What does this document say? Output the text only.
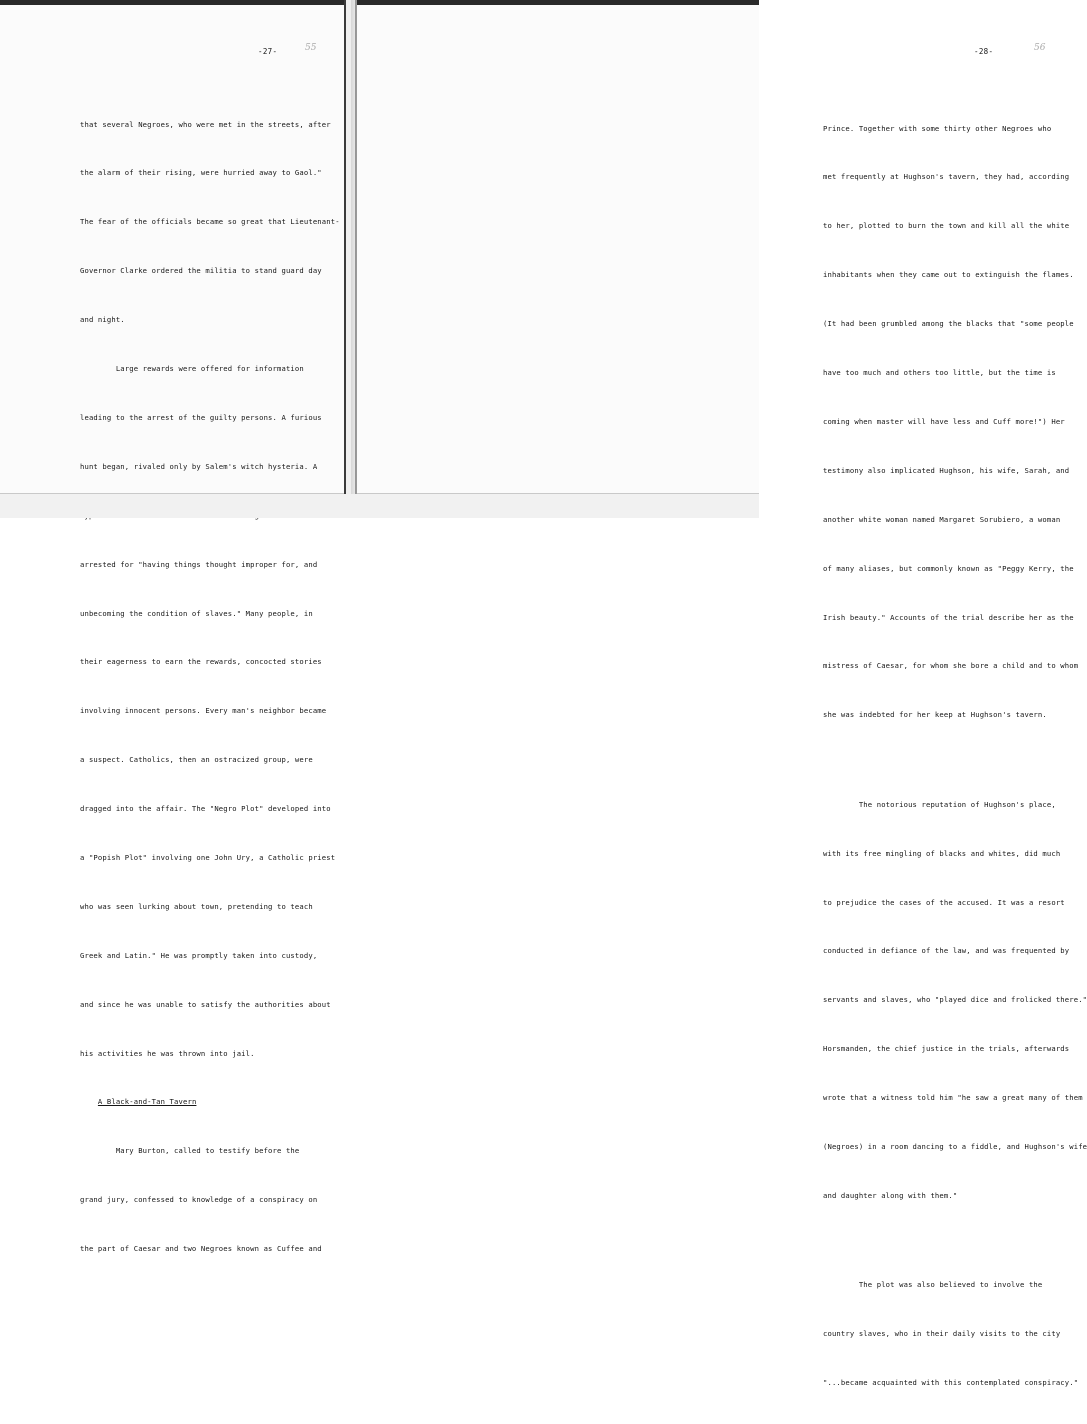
-27-	55

that several Negroes, who were met in the streets, after

the alarm of their rising, were hurried away to Gaol."

The fear of the officials became so great that Lieutenant-

Governor Clarke ordered the militia to stand guard day

and night.

Large rewards were offered for information

leading to the arrest of the guilty persons. A furious

hunt began, rivaled only by Salem's witch hysteria. A

arrested for "having things thought improper for, and

unbecoming the condition of slaves." Many people, in

their eagerness to earn the rewards, concocted stories

involving innocent persons. Every man's neighbor became

a suspect. Catholics, then an ostracized group, were

dragged into the affair. The "Negro Plot" developed into

a "Popish Plot" involving one John Ury, a Catholic priest

who was seen lurking about town, pretending to teach

Greek and Latin." He was promptly taken into custody,

and since he was unable to satisfy the authorities about

his activities he was thrown into jail.

A Black-and-Tan Tavern

Mary Burton, called to testify before the

grand jury, confessed to knowledge of a conspiracy on

the part of Caesar and two Negroes known as Cuffee and

-28-	56

Prince. Together with some thirty other Negroes who

met frequently at Hughson's tavern, they had, according

to her, plotted to burn the town and kill all the white

inhabitants when they came out to extinguish the flames.

(It had been grumbled among the blacks that "some people

have too much and others too little, but the time is

coming when master will have less and Cuff more!") Her

testimony also implicated Hughson, his wife, Sarah, and

another white woman named Margaret Sorubiero, a woman

of many aliases, but commonly known as "Peggy Kerry, the

Irish beauty." Accounts of the trial describe her as the

mistress of Caesar, for whom she bore a child and to whom

she was indebted for her keep at Hughson's tavern.

The notorious reputation of Hughson's place,

with its free mingling of blacks and whites, did much

to prejudice the cases of the accused. It was a resort

conducted in defiance of the law, and was frequented by

servants and slaves, who "played dice and frolicked there."

Horsmanden, the chief justice in the trials, afterwards

wrote that a witness told him "he saw a great many of them

(Negroes) in a room dancing to a fiddle, and Hughson's wife

and daughter along with them."

The plot was also believed to involve the

country slaves, who in their daily visits to the city

"...became acquainted with this contemplated conspiracy."
